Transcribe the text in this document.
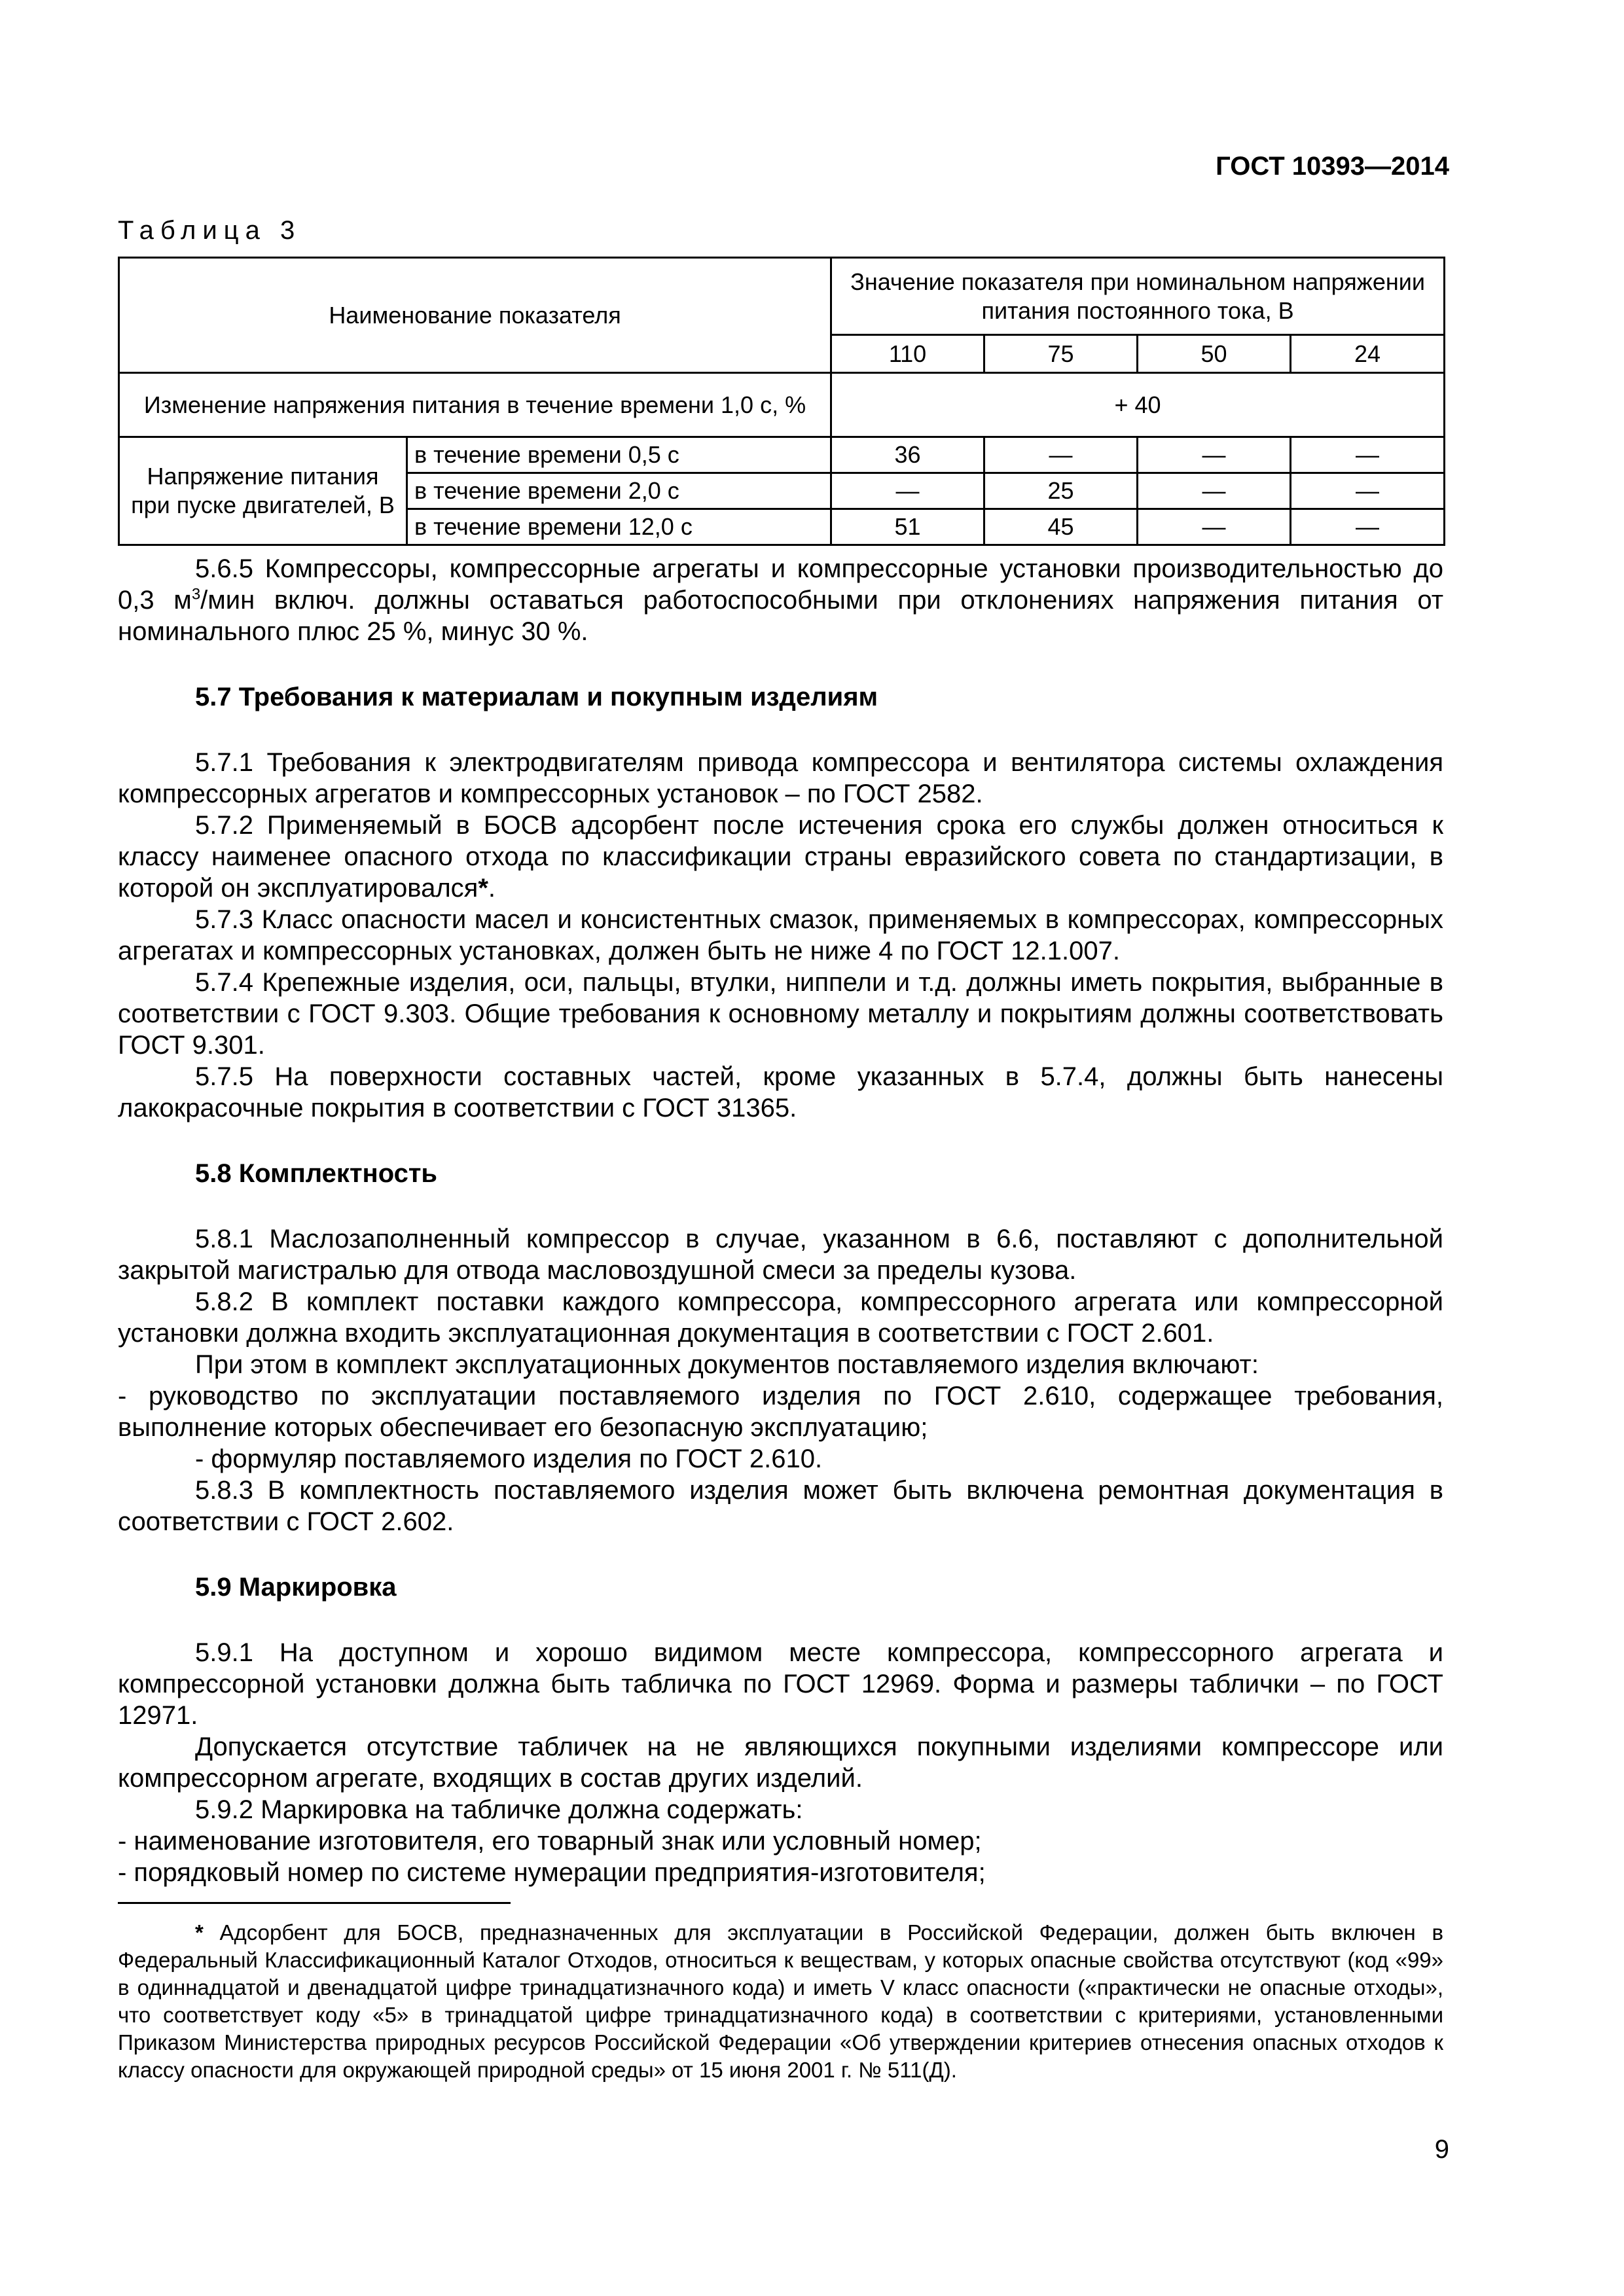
ГОСТ 10393—2014
Таблица 3
Наименование показателя		Значение показателя при номинальном напряжении питания постоянного тока, В			
		110	75	50	24
Изменение напряжения питания в течение времени 1,0 с, %		+ 40			
Напряжение питания при пуске двигателей, В	в течение времени 0,5 с	36	—	—	—
	в течение времени 2,0 с	—	25	—	—
	в течение времени 12,0 с	51	45	—	—

5.6.5 Компрессоры, компрессорные агрегаты и компрессорные установки производительностью до 0,3 $м^3$/мин включ. должны оставаться работоспособными при отклонениях напряжения питания от номинального плюс 25 %, минус 30 %.

5.7 Требования к материалам и покупным изделиям

5.7.1 Требования к электродвигателям привода компрессора и вентилятора системы охлаждения компрессорных агрегатов и компрессорных установок – по ГОСТ 2582.

5.7.2 Применяемый в БОСВ адсорбент после истечения срока его службы должен относиться к классу наименее опасного отхода по классификации страны евразийского совета по стандартизации, в которой он эксплуатировался*.

5.7.3 Класс опасности масел и консистентных смазок, применяемых в компрессорах, компрессорных агрегатах и компрессорных установках, должен быть не ниже 4 по ГОСТ 12.1.007.

5.7.4 Крепежные изделия, оси, пальцы, втулки, ниппели и т.д. должны иметь покрытия, выбранные в соответствии с ГОСТ 9.303. Общие требования к основному металлу и покрытиям должны соответствовать ГОСТ 9.301.

5.7.5 На поверхности составных частей, кроме указанных в 5.7.4, должны быть нанесены лакокрасочные покрытия в соответствии с ГОСТ 31365.

5.8 Комплектность

5.8.1 Маслозаполненный компрессор в случае, указанном в 6.6, поставляют с дополнительной закрытой магистралью для отвода масловоздушной смеси за пределы кузова.

5.8.2 В комплект поставки каждого компрессора, компрессорного агрегата или компрессорной установки должна входить эксплуатационная документация в соответствии с ГОСТ 2.601.

При этом в комплект эксплуатационных документов поставляемого изделия включают:

- руководство по эксплуатации поставляемого изделия по ГОСТ 2.610, содержащее требования, выполнение которых обеспечивает его безопасную эксплуатацию;

- формуляр поставляемого изделия по ГОСТ 2.610.

5.8.3 В комплектность поставляемого изделия может быть включена ремонтная документация в соответствии с ГОСТ 2.602.

5.9 Маркировка

5.9.1 На доступном и хорошо видимом месте компрессора, компрессорного агрегата и компрессорной установки должна быть табличка по ГОСТ 12969. Форма и размеры таблички – по ГОСТ 12971.

Допускается отсутствие табличек на не являющихся покупными изделиями компрессоре или компрессорном агрегате, входящих в состав других изделий.

5.9.2 Маркировка на табличке должна содержать:

- наименование изготовителя, его товарный знак или условный номер;

- порядковый номер по системе нумерации предприятия-изготовителя;

* Адсорбент для БОСВ, предназначенных для эксплуатации в Российской Федерации, должен быть включен в Федеральный Классификационный Каталог Отходов, относиться к веществам, у которых опасные свойства отсутствуют (код «99» в одиннадцатой и двенадцатой цифре тринадцатизначного кода) и иметь V класс опасности («практически не опасные отходы», что соответствует коду «5» в тринадцатой цифре тринадцатизначного кода) в соответствии с критериями, установленными Приказом Министерства природных ресурсов Российской Федерации «Об утверждении критериев отнесения опасных отходов к классу опасности для окружающей природной среды» от 15 июня 2001 г. № 511(Д).

9
